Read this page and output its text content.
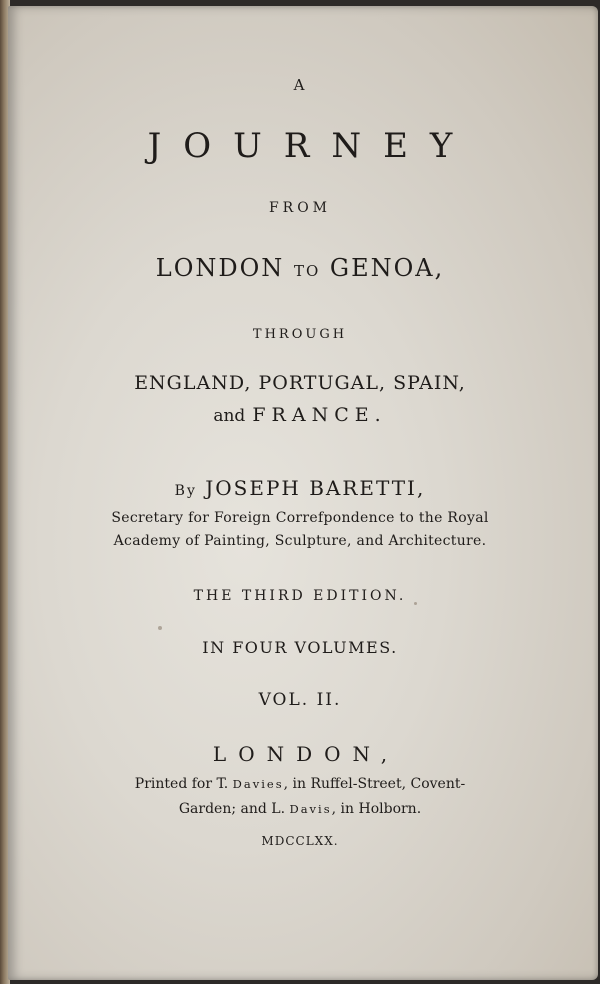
A
JOURNEY
FROM
LONDON TO GENOA,
THROUGH
ENGLAND, PORTUGAL, SPAIN,
and FRANCE.
By JOSEPH BARETTI,
Secretary for Foreign Correfpondence to the Royal
Academy of Painting, Sculpture, and Architecture.
THE THIRD EDITION.
IN FOUR VOLUMES.
VOL. II.
LONDON,
Printed for T. Davies, in Ruffel-Street, Covent-
Garden; and L. Davis, in Holborn.
MDCCLXX.
